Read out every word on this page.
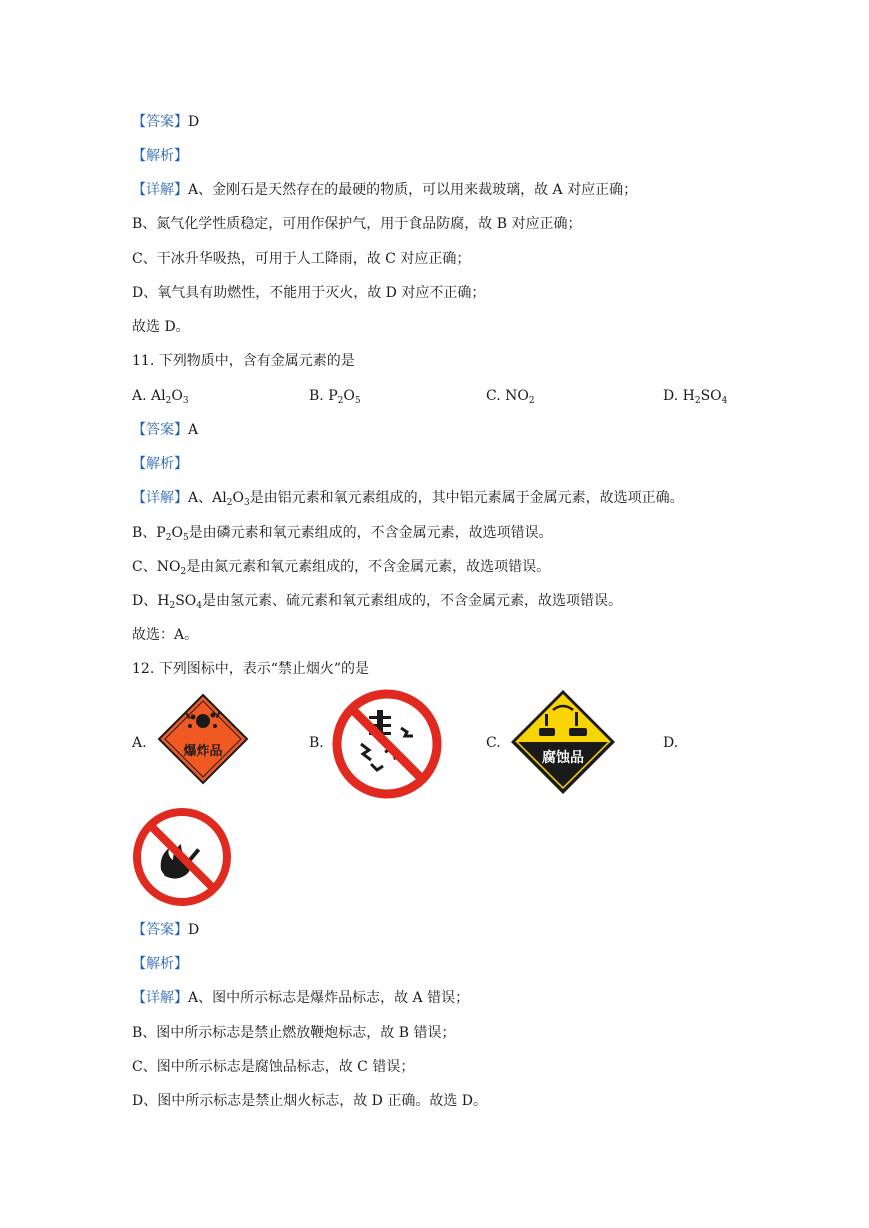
【答案】D
【解析】
【详解】A、金刚石是天然存在的最硬的物质，可以用来裁玻璃，故 A 对应正确；
B、氮气化学性质稳定，可用作保护气，用于食品防腐，故 B 对应正确；
C、干冰升华吸热，可用于人工降雨，故 C 对应正确；
D、氧气具有助燃性，不能用于灭火，故 D 对应不正确；
故选 D。
11. 下列物质中，含有金属元素的是
A. $Al_2O_3$	B. $P_2O_5$	C. $NO_2$	D. $H_2SO_4$
【答案】A
【解析】
【详解】A、$Al_2O_3$是由铝元素和氧元素组成的，其中铝元素属于金属元素，故选项正确。
B、$P_2O_5$是由磷元素和氧元素组成的，不含金属元素，故选项错误。
C、$NO_2$是由氮元素和氧元素组成的，不含金属元素，故选项错误。
D、$H_2SO_4$是由氢元素、硫元素和氧元素组成的，不含金属元素，故选项错误。
故选：A。
12. 下列图标中，表示“禁止烟火”的是
A.
爆炸品
B.	C.
腐蚀品
D.
【答案】D
【解析】
【详解】A、图中所示标志是爆炸品标志，故 A 错误；
B、图中所示标志是禁止燃放鞭炮标志，故 B 错误；
C、图中所示标志是腐蚀品标志，故 C 错误；
D、图中所示标志是禁止烟火标志，故 D 正确。故选 D。
